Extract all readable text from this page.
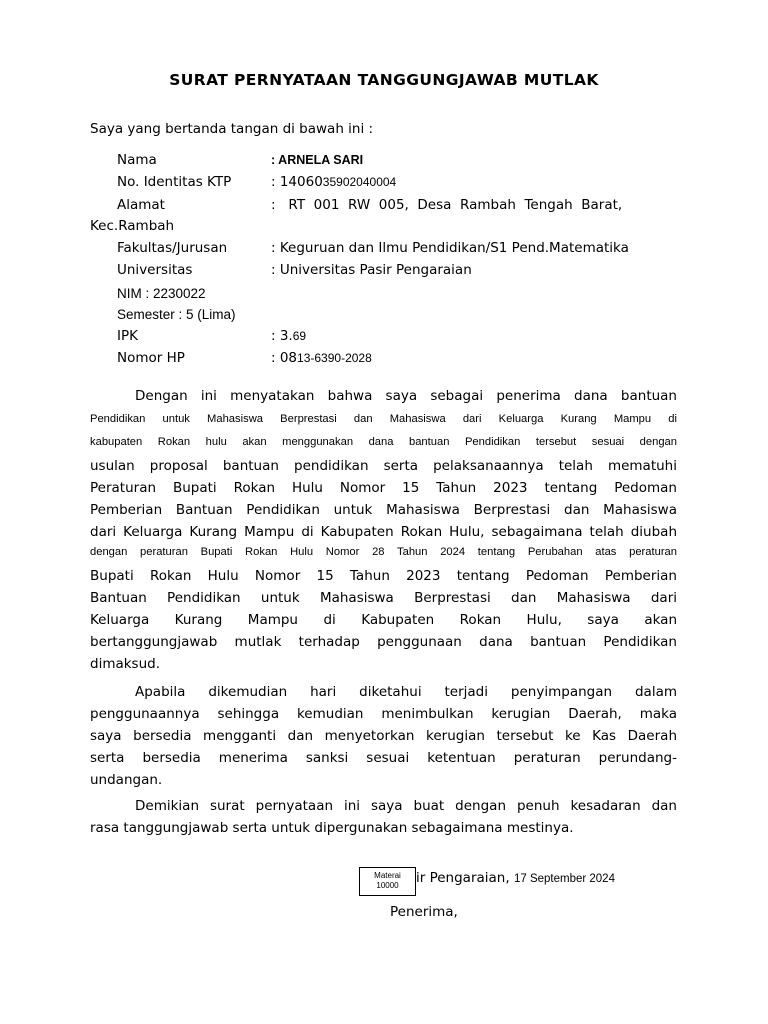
SURAT PERNYATAAN TANGGUNGJAWAB MUTLAK
Saya yang bertanda tangan di bawah ini :
Nama	: ARNELA SARI
No. Identitas KTP	: 1406035902040004
Alamat	:   RT  001  RW  005,  Desa  Rambah  Tengah  Barat,
Kec.Rambah
Fakultas/Jurusan	: Keguruan dan Ilmu Pendidikan/S1 Pend.Matematika
Universitas	: Universitas Pasir Pengaraian
NIM : 2230022
Semester : 5 (Lima)
IPK	: 3.69
Nomor HP	: 0813-6390-2028
Dengan ini menyatakan bahwa saya sebagai penerima dana bantuan
Pendidikan untuk Mahasiswa Berprestasi dan Mahasiswa dari Keluarga Kurang Mampu di
kabupaten Rokan hulu akan menggunakan dana bantuan Pendidikan tersebut sesuai dengan
usulan proposal bantuan pendidikan serta pelaksanaannya telah mematuhi
Peraturan Bupati Rokan Hulu Nomor 15 Tahun 2023 tentang Pedoman
Pemberian Bantuan Pendidikan untuk Mahasiswa Berprestasi dan Mahasiswa
dari Keluarga Kurang Mampu di Kabupaten Rokan Hulu, sebagaimana telah diubah
dengan peraturan Bupati Rokan Hulu Nomor 28 Tahun 2024 tentang Perubahan atas peraturan
Bupati Rokan Hulu Nomor 15 Tahun 2023 tentang Pedoman Pemberian
Bantuan Pendidikan untuk Mahasiswa Berprestasi dan Mahasiswa dari
Keluarga Kurang Mampu di Kabupaten Rokan Hulu, saya akan
bertanggungjawab mutlak terhadap penggunaan dana bantuan Pendidikan
dimaksud.
Apabila dikemudian hari diketahui terjadi penyimpangan dalam
penggunaannya sehingga kemudian menimbulkan kerugian Daerah, maka
saya bersedia mengganti dan menyetorkan kerugian tersebut ke Kas Daerah
serta bersedia menerima sanksi sesuai ketentuan peraturan perundang-
undangan.
Demikian surat pernyataan ini saya buat dengan penuh kesadaran dan
rasa tanggungjawab serta untuk dipergunakan sebagaimana mestinya.
ir Pengaraian, 17 September 2024
Materai
10000
Penerima,
